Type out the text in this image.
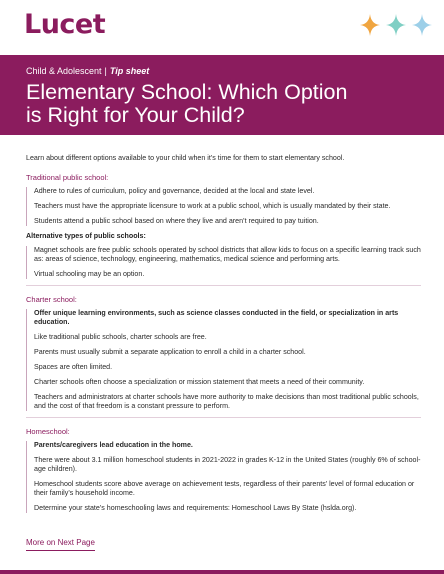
Lucet
Child & Adolescent | Tip sheet
Elementary School: Which Option
is Right for Your Child?

Learn about different options available to your child when it’s time for them to start elementary school.

Traditional public school:

Adhere to rules of curriculum, policy and governance, decided at the local and state level.

Teachers must have the appropriate licensure to work at a public school, which is usually mandated by their state.

Students attend a public school based on where they live and aren’t required to pay tuition.

Alternative types of public schools:

Magnet schools are free public schools operated by school districts that allow kids to focus on a specific learning track such as: areas of science, technology, engineering, mathematics, medical science and performing arts.

Virtual schooling may be an option.

Charter school:

Offer unique learning environments, such as science classes conducted in the field, or specialization in arts education.

Like traditional public schools, charter schools are free.

Parents must usually submit a separate application to enroll a child in a charter school.

Spaces are often limited.

Charter schools often choose a specialization or mission statement that meets a need of their community.

Teachers and administrators at charter schools have more authority to make decisions than most traditional public schools, and the cost of that freedom is a constant pressure to perform.

Homeschool:

Parents/caregivers lead education in the home.

There were about 3.1 million homeschool students in 2021-2022 in grades K-12 in the United States (roughly 6% of school-age children).

Homeschool students score above average on achievement tests, regardless of their parents’ level of formal education or their family’s household income.

Determine your state’s homeschooling laws and requirements: Homeschool Laws By State (hslda.org).

More on Next Page
